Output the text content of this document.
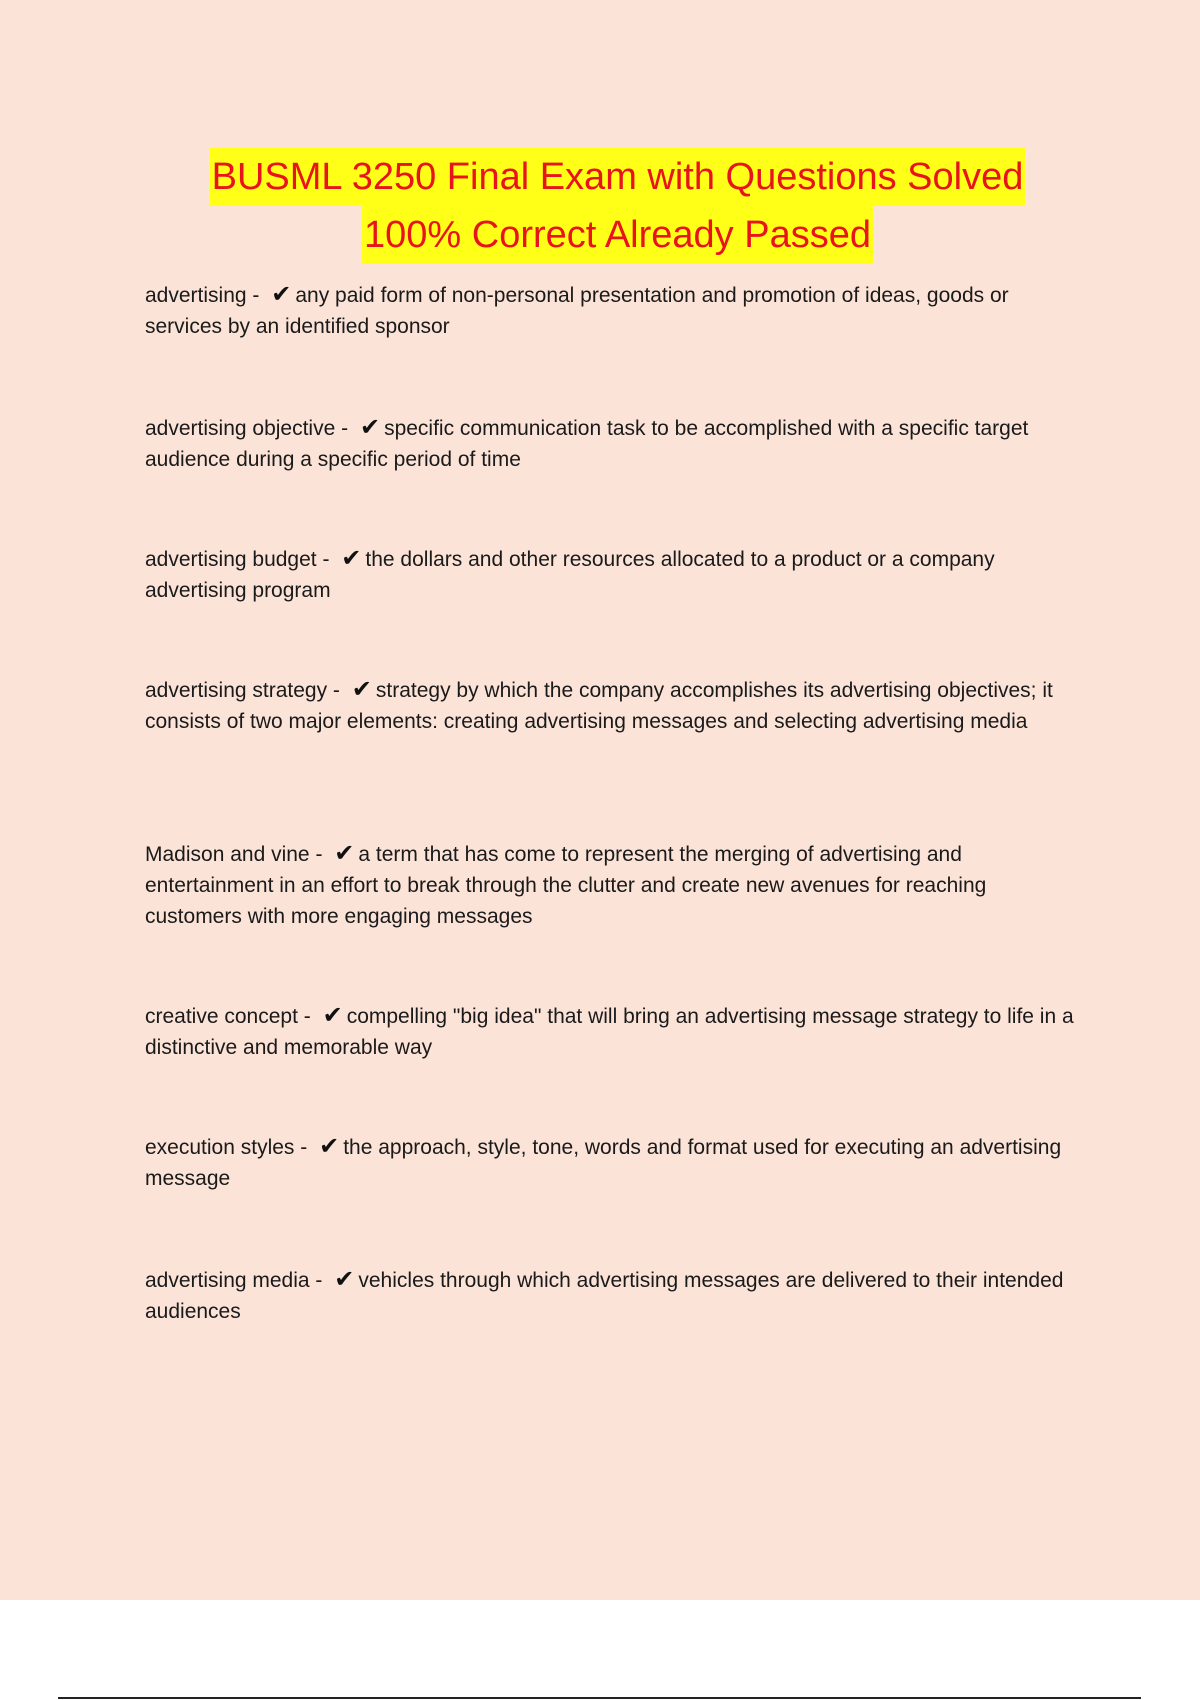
BUSML 3250 Final Exam with Questions Solved
100% Correct Already Passed
advertising - ✔ any paid form of non-personal presentation and promotion of ideas, goods or services by an identified sponsor
advertising objective - ✔ specific communication task to be accomplished with a specific target audience during a specific period of time
advertising budget - ✔ the dollars and other resources allocated to a product or a company advertising program
advertising strategy - ✔ strategy by which the company accomplishes its advertising objectives; it consists of two major elements: creating advertising messages and selecting advertising media
Madison and vine - ✔ a term that has come to represent the merging of advertising and entertainment in an effort to break through the clutter and create new avenues for reaching customers with more engaging messages
creative concept - ✔ compelling "big idea" that will bring an advertising message strategy to life in a distinctive and memorable way
execution styles - ✔ the approach, style, tone, words and format used for executing an advertising message
advertising media - ✔ vehicles through which advertising messages are delivered to their intended audiences
